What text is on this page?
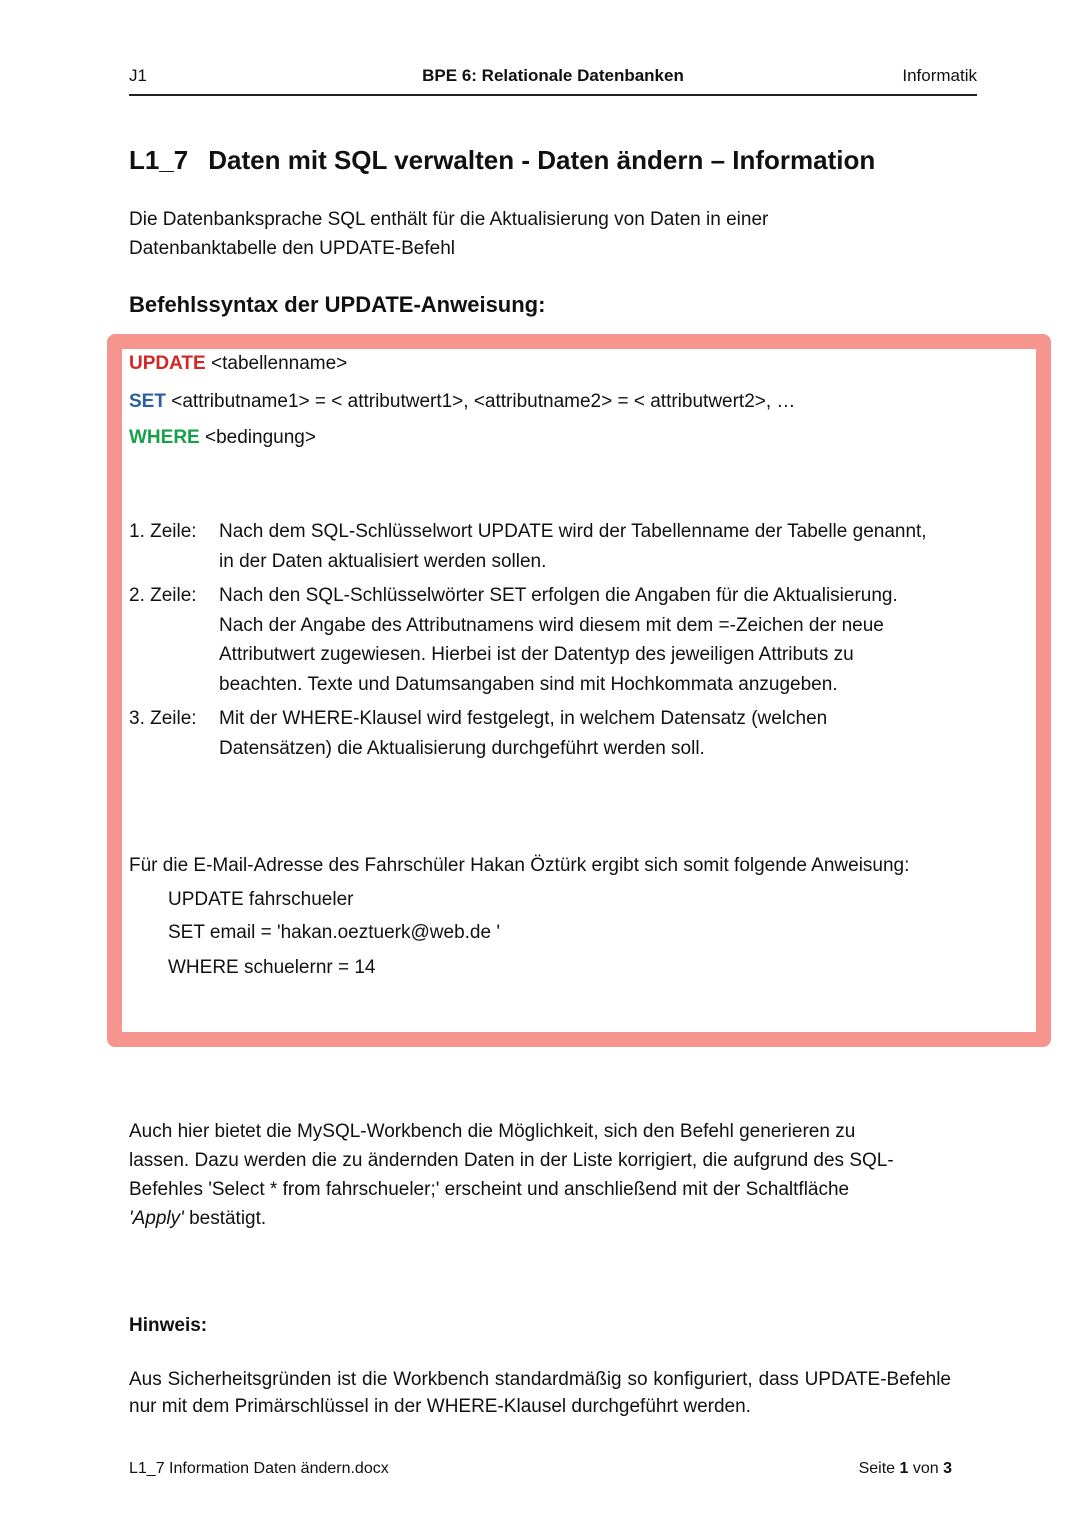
J1	BPE 6: Relationale Datenbanken	Informatik
L1_7 Daten mit SQL verwalten - Daten ändern – Information
Die Datenbanksprache SQL enthält für die Aktualisierung von Daten in einer
Datenbanktabelle den UPDATE-Befehl
Befehlssyntax der UPDATE-Anweisung:
UPDATE <tabellenname>
SET <attributname1> = < attributwert1>, <attributname2> = < attributwert2>, …
WHERE <bedingung>
1. Zeile: Nach dem SQL-Schlüsselwort UPDATE wird der Tabellenname der Tabelle genannt,
in der Daten aktualisiert werden sollen.
2. Zeile: Nach den SQL-Schlüsselwörter SET erfolgen die Angaben für die Aktualisierung.
Nach der Angabe des Attributnamens wird diesem mit dem =-Zeichen der neue
Attributwert zugewiesen. Hierbei ist der Datentyp des jeweiligen Attributs zu
beachten. Texte und Datumsangaben sind mit Hochkommata anzugeben.
3. Zeile: Mit der WHERE-Klausel wird festgelegt, in welchem Datensatz (welchen
Datensätzen) die Aktualisierung durchgeführt werden soll.
Für die E-Mail-Adresse des Fahrschüler Hakan Öztürk ergibt sich somit folgende Anweisung:
UPDATE fahrschueler
SET email = 'hakan.oeztuerk@web.de '
WHERE schuelernr = 14
Auch hier bietet die MySQL-Workbench die Möglichkeit, sich den Befehl generieren zu
lassen. Dazu werden die zu ändernden Daten in der Liste korrigiert, die aufgrund des SQL-
Befehles 'Select * from fahrschueler;' erscheint und anschließend mit der Schaltfläche
'Apply' bestätigt.
Hinweis:
Aus Sicherheitsgründen ist die Workbench standardmäßig so konfiguriert, dass UPDATE-Befehle nur mit dem Primärschlüssel in der WHERE-Klausel durchgeführt werden.
L1_7 Information Daten ändern.docx	Seite 1 von 3
